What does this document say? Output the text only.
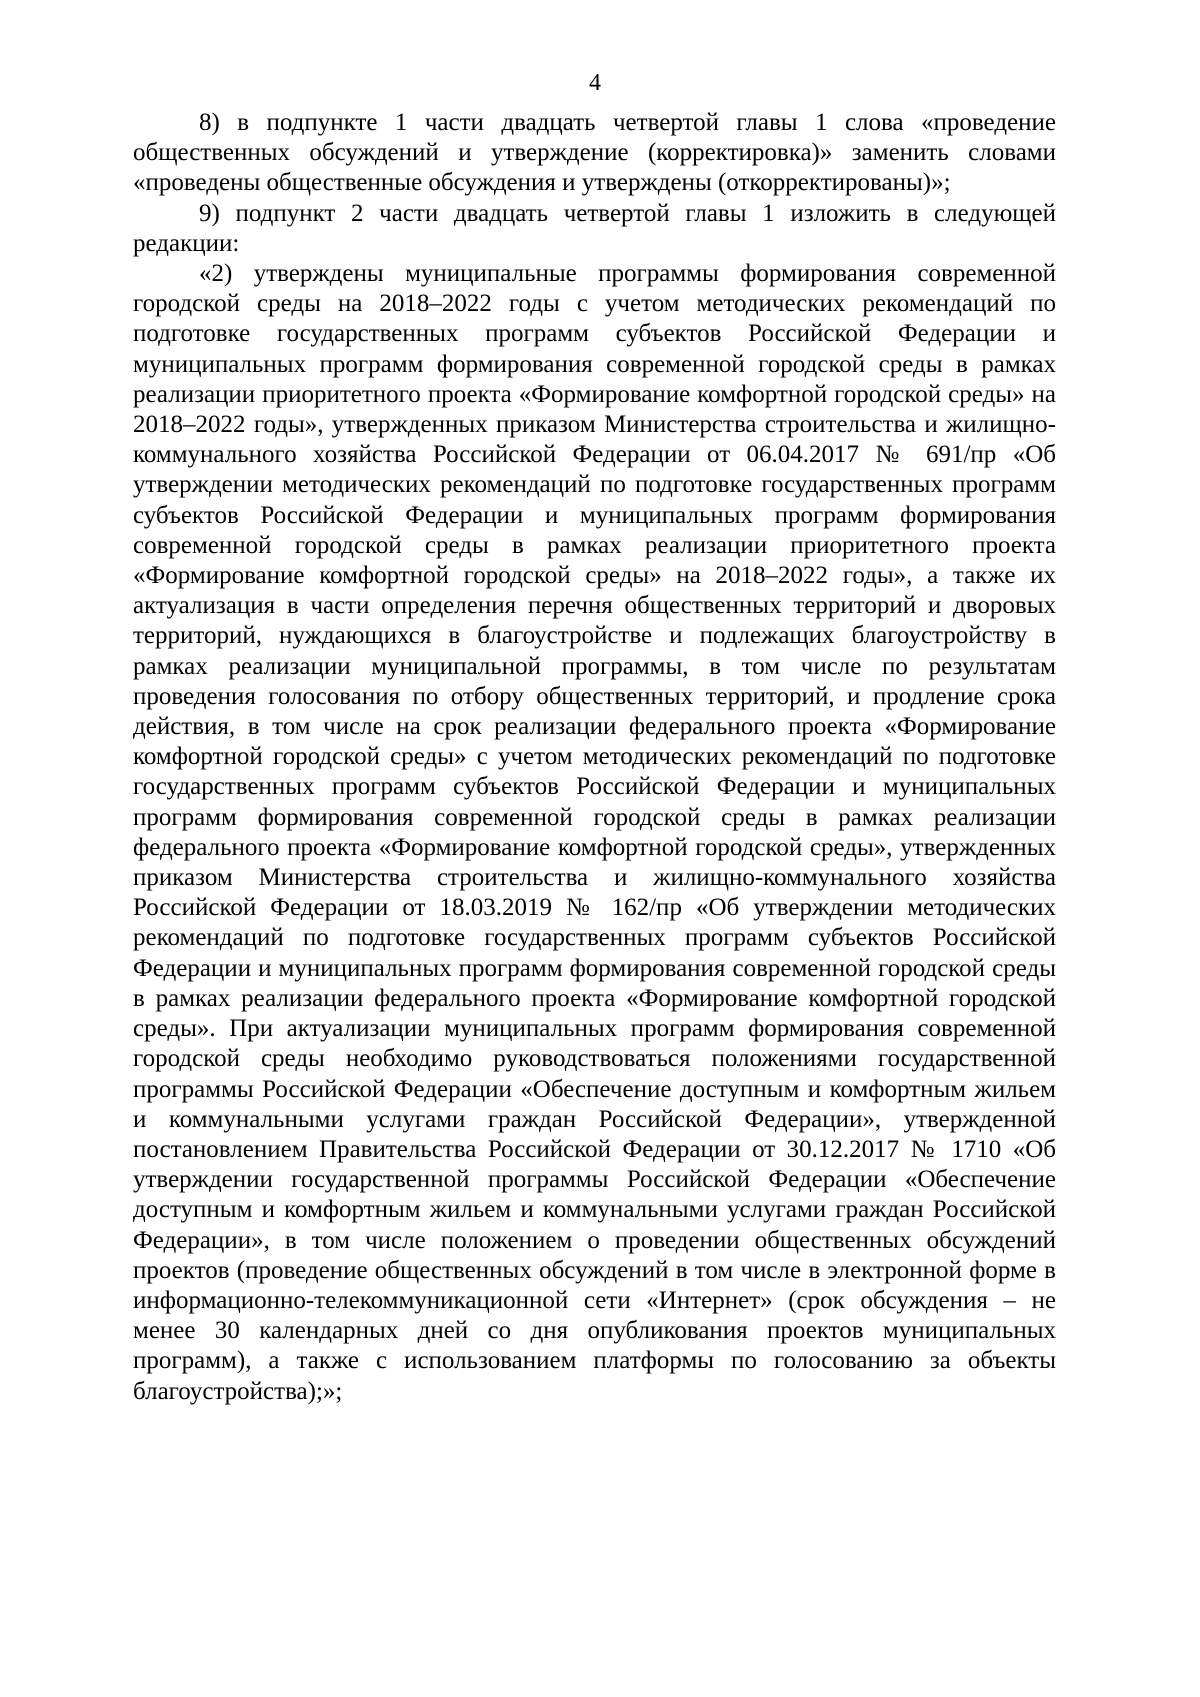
4

8) в подпункте 1 части двадцать четвертой главы 1 слова «проведение общественных обсуждений и утверждение (корректировка)» заменить словами «проведены общественные обсуждения и утверждены (откорректированы)»;

9) подпункт 2 части двадцать четвертой главы 1 изложить в следующей редакции:

«2) утверждены муниципальные программы формирования современной городской среды на 2018–2022 годы с учетом методических рекомендаций по подготовке государственных программ субъектов Российской Федерации и муниципальных программ формирования современной городской среды в рамках реализации приоритетного проекта «Формирование комфортной городской среды» на 2018–2022 годы», утвержденных приказом Министерства строительства и жилищно-коммунального хозяйства Российской Федерации от 06.04.2017 № 691/пр «Об утверждении методических рекомендаций по подготовке государственных программ субъектов Российской Федерации и муниципальных программ формирования современной городской среды в рамках реализации приоритетного проекта «Формирование комфортной городской среды» на 2018–2022 годы», а также их актуализация в части определения перечня общественных территорий и дворовых территорий, нуждающихся в благоустройстве и подлежащих благоустройству в рамках реализации муниципальной программы, в том числе по результатам проведения голосования по отбору общественных территорий, и продление срока действия, в том числе на срок реализации федерального проекта «Формирование комфортной городской среды» с учетом методических рекомендаций по подготовке государственных программ субъектов Российской Федерации и муниципальных программ формирования современной городской среды в рамках реализации федерального проекта «Формирование комфортной городской среды», утвержденных приказом Министерства строительства и жилищно-коммунального хозяйства Российской Федерации от 18.03.2019 № 162/пр «Об утверждении методических рекомендаций по подготовке государственных программ субъектов Российской Федерации и муниципальных программ формирования современной городской среды в рамках реализации федерального проекта «Формирование комфортной городской среды». При актуализации муниципальных программ формирования современной городской среды необходимо руководствоваться положениями государственной программы Российской Федерации «Обеспечение доступным и комфортным жильем и коммунальными услугами граждан Российской Федерации», утвержденной постановлением Правительства Российской Федерации от 30.12.2017 № 1710 «Об утверждении государственной программы Российской Федерации «Обеспечение доступным и комфортным жильем и коммунальными услугами граждан Российской Федерации», в том числе положением о проведении общественных обсуждений проектов (проведение общественных обсуждений в том числе в электронной форме в информационно-телекоммуникационной сети «Интернет» (срок обсуждения – не менее 30 календарных дней со дня опубликования проектов муниципальных программ), а также с использованием платформы по голосованию за объекты благоустройства);»;
